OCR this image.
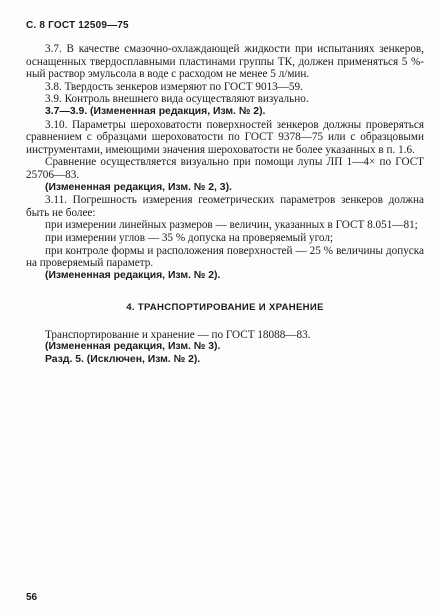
С. 8 ГОСТ 12509—75

3.7. В качестве смазочно-охлаждающей жидкости при испытаниях зенкеров, оснащенных твердосплавными пластинами группы ТК, должен применяться 5 %-ный раствор эмульсола в воде с расходом не менее 5 л/мин.

3.8. Твердость зенкеров измеряют по ГОСТ 9013—59.

3.9. Контроль внешнего вида осуществляют визуально.

3.7—3.9. (Измененная редакция, Изм. № 2).

3.10. Параметры шероховатости поверхностей зенкеров должны проверяться сравнением с образцами шероховатости по ГОСТ 9378—75 или с образцовыми инструментами, имеющими значения шероховатости не более указанных в п. 1.6.

Сравнение осуществляется визуально при помощи лупы ЛП 1—4× по ГОСТ 25706—83.

(Измененная редакция, Изм. № 2, 3).

3.11. Погрешность измерения геометрических параметров зенкеров должна быть не более:

при измерении линейных размеров — величин, указанных в ГОСТ 8.051—81;

при измерении углов — 35 % допуска на проверяемый угол;

при контроле формы и расположения поверхностей — 25 % величины допуска на проверяемый параметр.

(Измененная редакция, Изм. № 2).

4. ТРАНСПОРТИРОВАНИЕ И ХРАНЕНИЕ

Транспортирование и хранение — по ГОСТ 18088—83.

(Измененная редакция, Изм. № 3).

Разд. 5. (Исключен, Изм. № 2).

56
